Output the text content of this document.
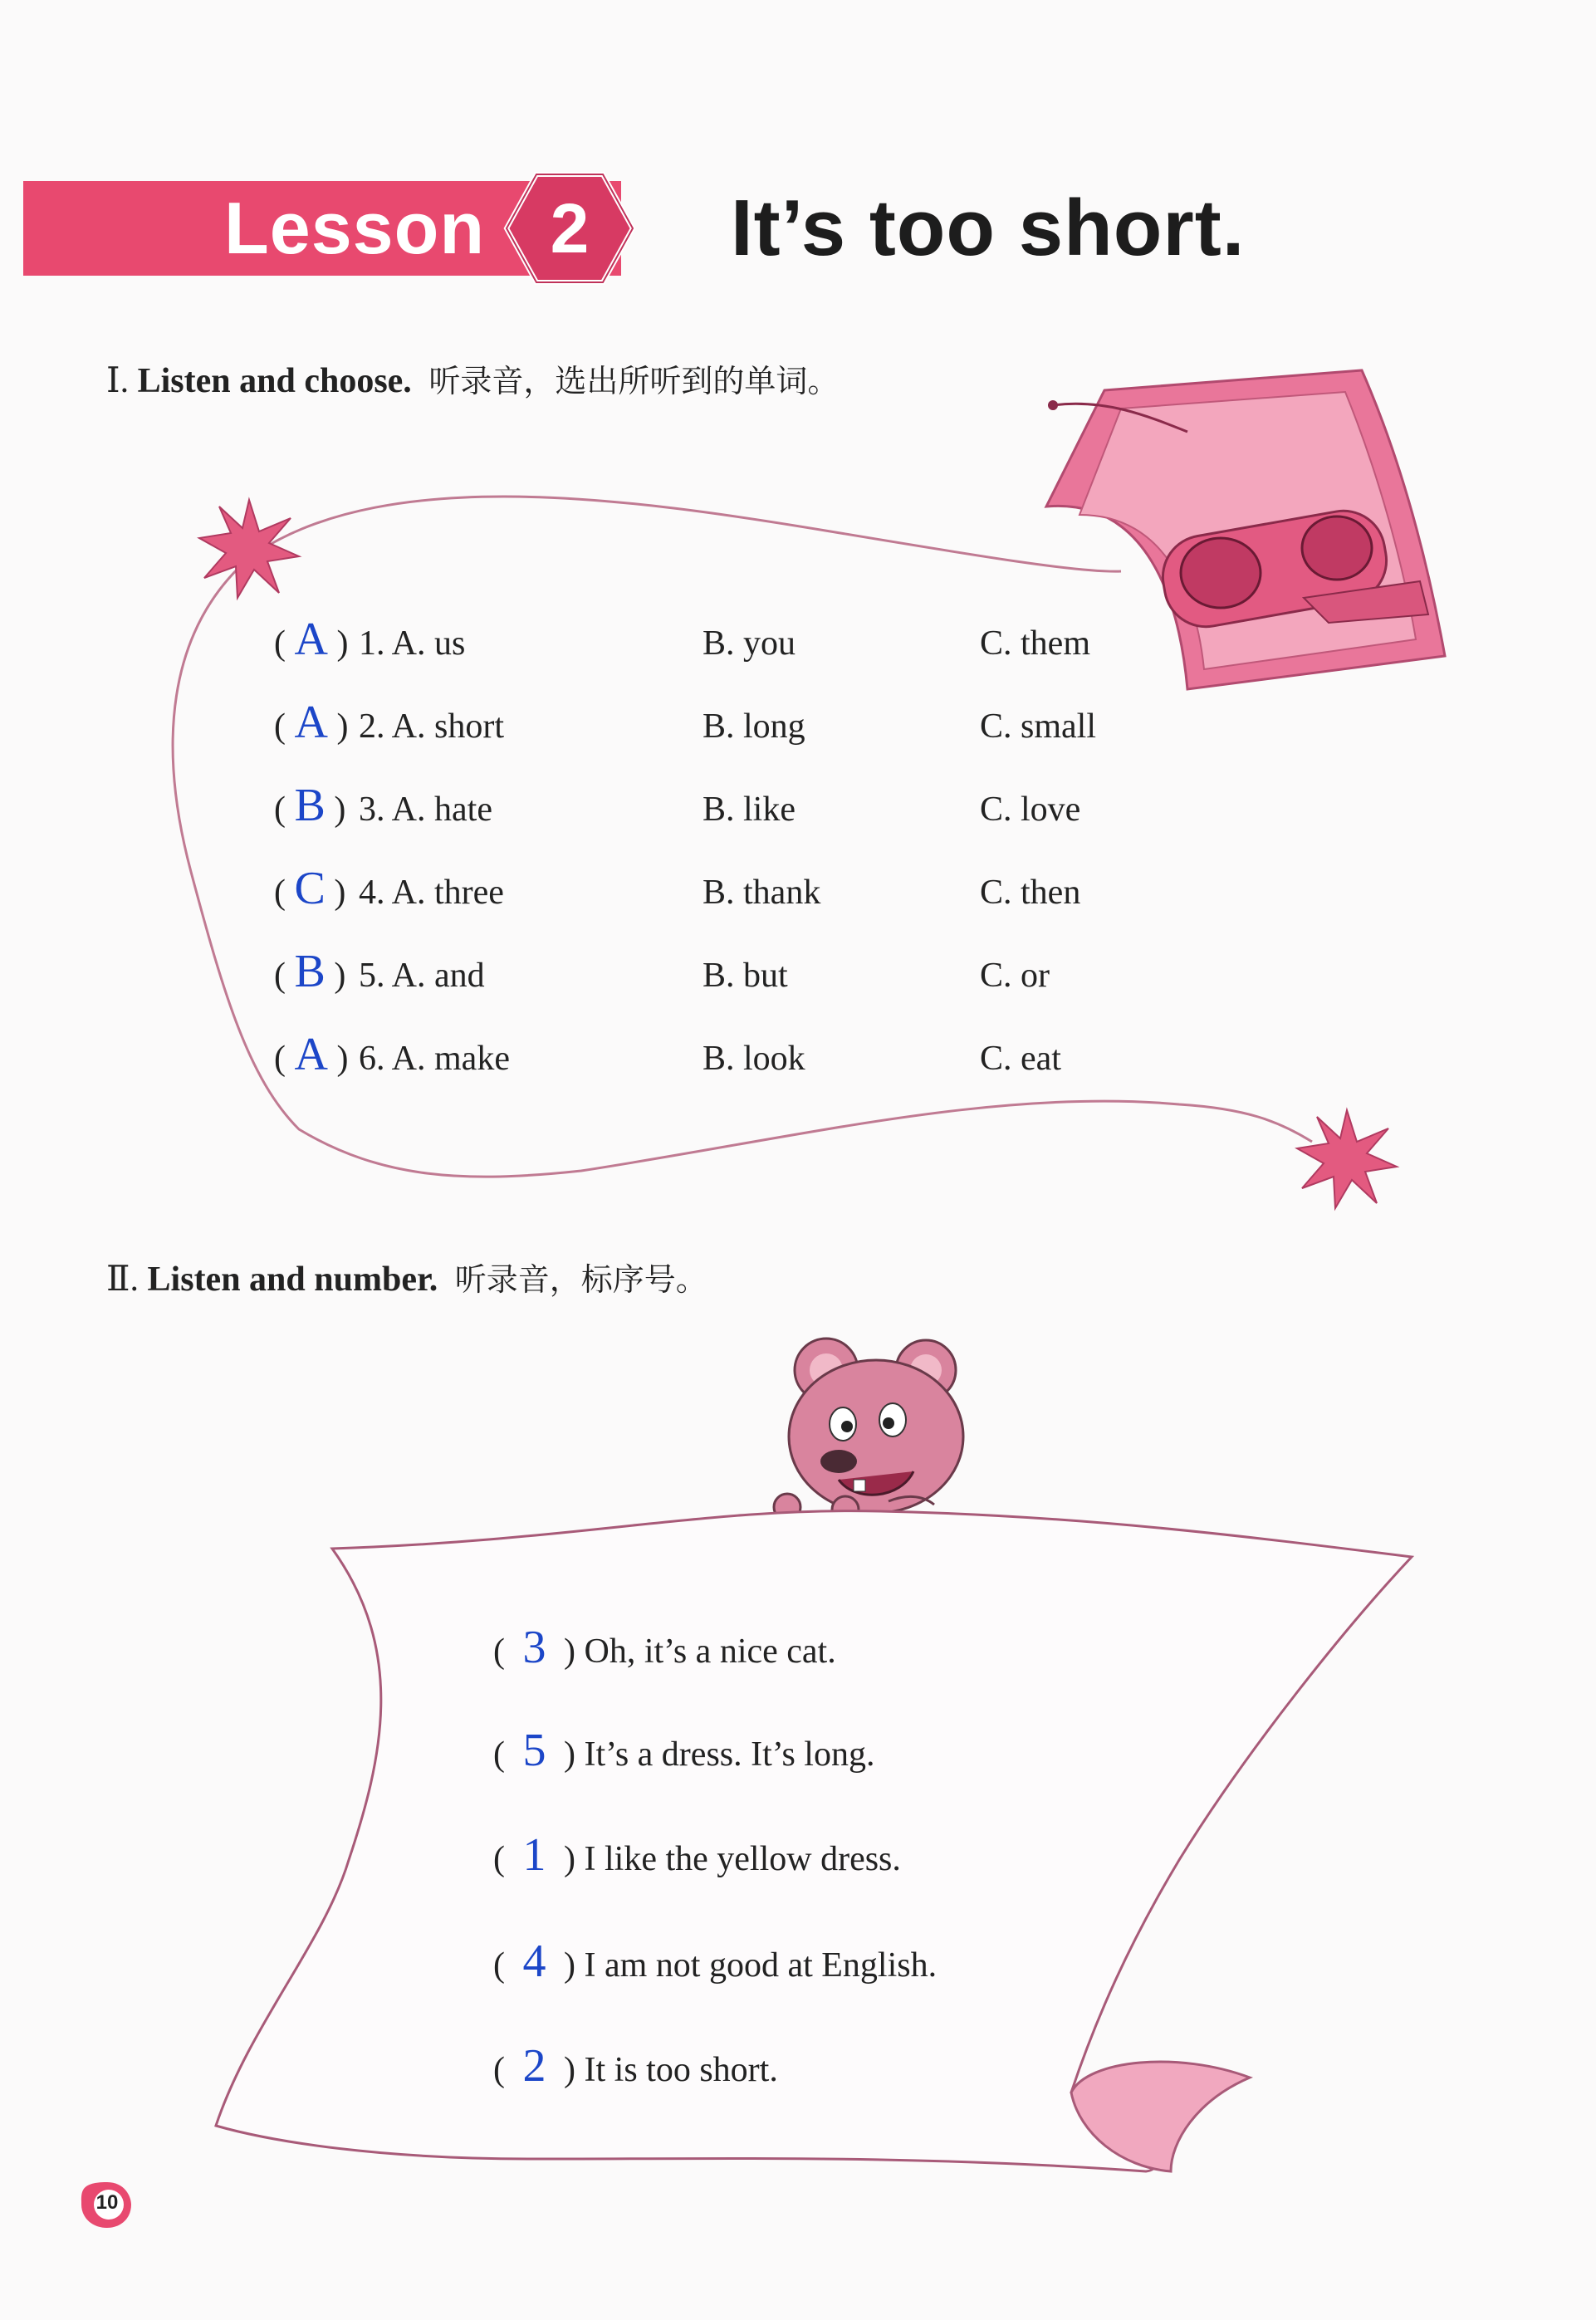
Lesson 2	It’s too short.
Ⅰ. Listen and choose. 听录音，选出所听到的单词。
( A ) 1. A. us	B. you	C. them
( A ) 2. A. short	B. long	C. small
( B ) 3. A. hate	B. like	C. love
( C ) 4. A. three	B. thank	C. then
( B ) 5. A. and	B. but	C. or
( A ) 6. A. make	B. look	C. eat
Ⅱ. Listen and number. 听录音，标序号。
( 3 ) Oh, it’s a nice cat.
( 5 ) It’s a dress. It’s long.
( 1 ) I like the yellow dress.
( 4 ) I am not good at English.
( 2 ) It is too short.
10
